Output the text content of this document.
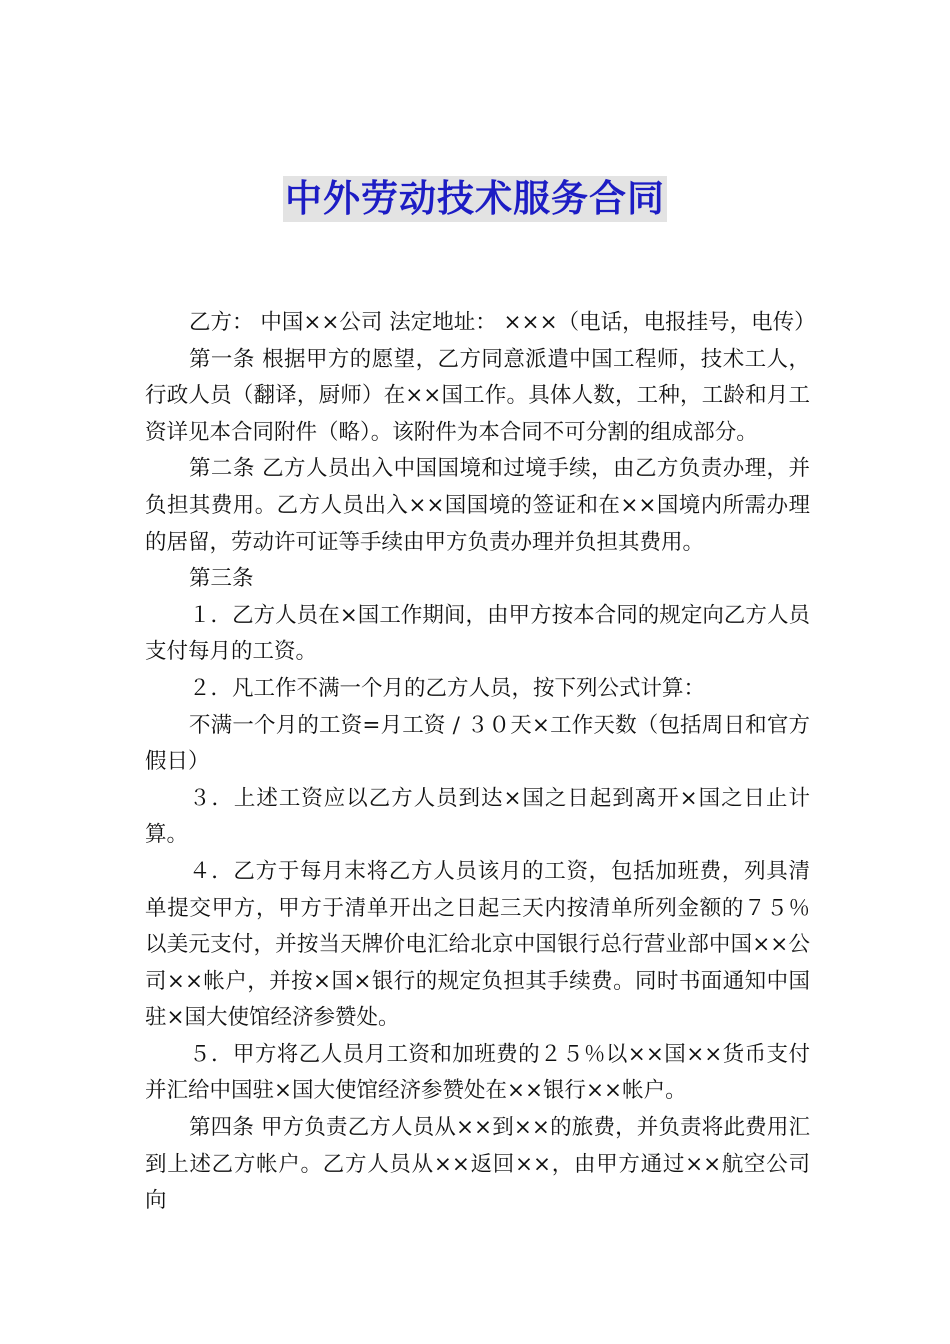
中外劳动技术服务合同

乙方： 中国××公司 法定地址： ×××（电话，电报挂号，电传）

第一条 根据甲方的愿望，乙方同意派遣中国工程师，技术工人，行政人员（翻译，厨师）在××国工作。具体人数，工种，工龄和月工资详见本合同附件（略）。该附件为本合同不可分割的组成部分。

第二条 乙方人员出入中国国境和过境手续，由乙方负责办理，并负担其费用。乙方人员出入××国国境的签证和在××国境内所需办理的居留，劳动许可证等手续由甲方负责办理并负担其费用。

第三条

１．乙方人员在×国工作期间，由甲方按本合同的规定向乙方人员支付每月的工资。

２．凡工作不满一个月的乙方人员，按下列公式计算：

不满一个月的工资=月工资 / ３０天×工作天数（包括周日和官方假日）

３．上述工资应以乙方人员到达×国之日起到离开×国之日止计算。

４．乙方于每月末将乙方人员该月的工资，包括加班费，列具清单提交甲方，甲方于清单开出之日起三天内按清单所列金额的７５％以美元支付，并按当天牌价电汇给北京中国银行总行营业部中国××公司××帐户，并按×国×银行的规定负担其手续费。同时书面通知中国驻×国大使馆经济参赞处。

５．甲方将乙人员月工资和加班费的２５％以××国××货币支付并汇给中国驻×国大使馆经济参赞处在××银行××帐户。

第四条 甲方负责乙方人员从××到××的旅费，并负责将此费用汇到上述乙方帐户。乙方人员从××返回××，由甲方通过××航空公司向
